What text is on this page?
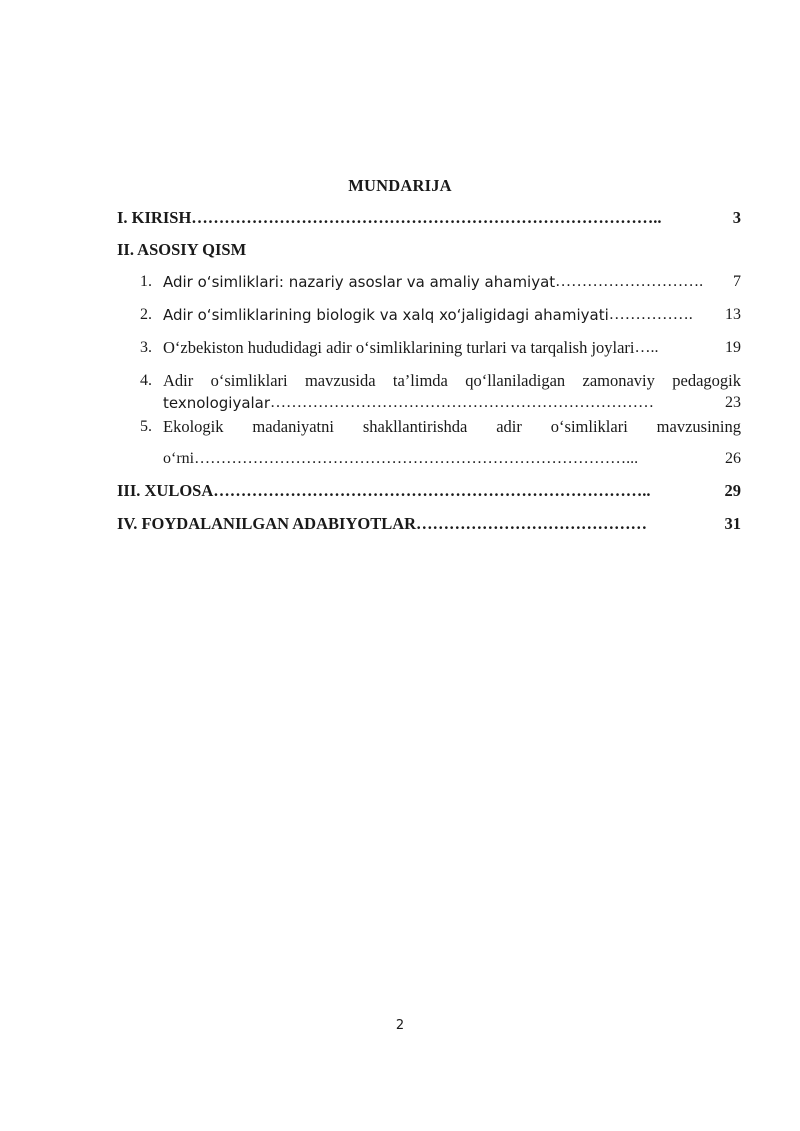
MUNDARIJA
I. KIRISH …………………………………………………………………………..	3
II. ASOSIY QISM
1. Adir o‘simliklari: nazariy asoslar va amaliy ahamiyat ……………………….	7
2. Adir o‘simliklarining biologik va xalq xo‘jaligidagi ahamiyati …………….	13
3. O‘zbekiston hududidagi adir o‘simliklarining turlari va tarqalish joylari …..	19
4. Adir o‘simliklari mavzusida ta’limda qo‘llaniladigan zamonaviy pedagogik
texnologiyalar ………………………………………………………………	23
5. Ekologik madaniyatni shakllantirishda adir o‘simliklari mavzusining
o‘rni ………………………………………………………………………...	26
III. XULOSA ……………………………………………………………………..	29
IV. FOYDALANILGAN ADABIYOTLAR ……………………………………	31
2
